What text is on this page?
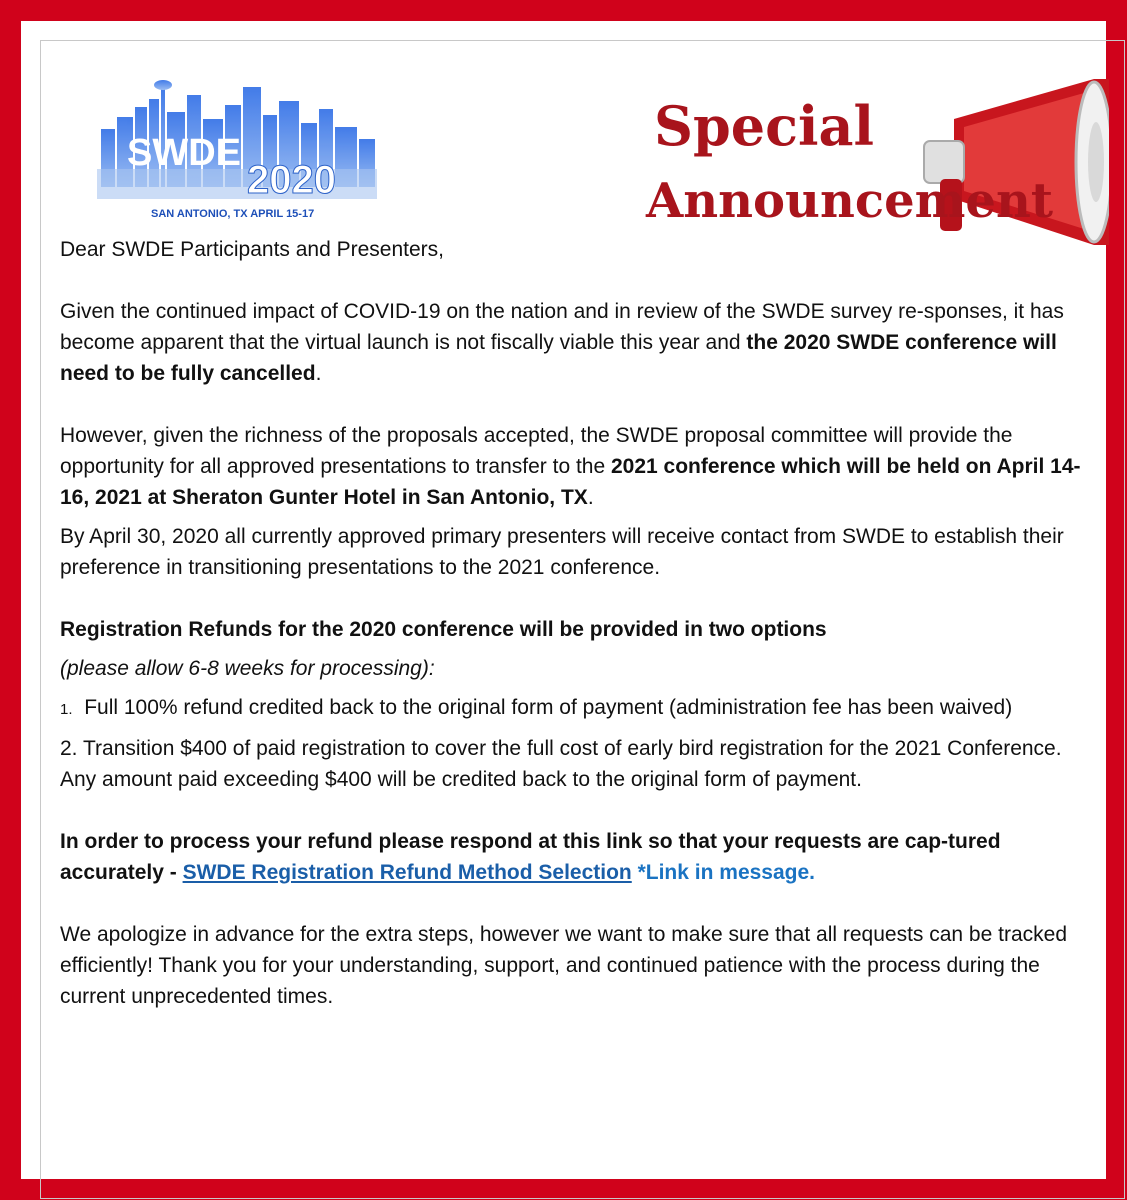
SWDE
2020
SAN ANTONIO, TX APRIL 15-17
Special
Announcement

Dear SWDE Participants and Presenters,

Given the continued impact of COVID-19 on the nation and in review of the SWDE survey re-sponses, it has become apparent that the virtual launch is not fiscally viable this year and the 2020 SWDE conference will need to be fully cancelled.

However, given the richness of the proposals accepted, the SWDE proposal committee will provide the opportunity for all approved presentations to transfer to the 2021 conference which will be held on April 14-16, 2021 at Sheraton Gunter Hotel in San Antonio, TX.

By April 30, 2020 all currently approved primary presenters will receive contact from SWDE to establish their preference in transitioning presentations to the 2021 conference.

Registration Refunds for the 2020 conference will be provided in two options

(please allow 6-8 weeks for processing):

1. Full 100% refund credited back to the original form of payment (administration fee has been waived)

2. Transition $400 of paid registration to cover the full cost of early bird registration for the 2021 Conference. Any amount paid exceeding $400 will be credited back to the original form of payment.

In order to process your refund please respond at this link so that your requests are cap-tured accurately - SWDE Registration Refund Method Selection *Link in message.

We apologize in advance for the extra steps, however we want to make sure that all requests can be tracked efficiently! Thank you for your understanding, support, and continued patience with the process during the current unprecedented times.
